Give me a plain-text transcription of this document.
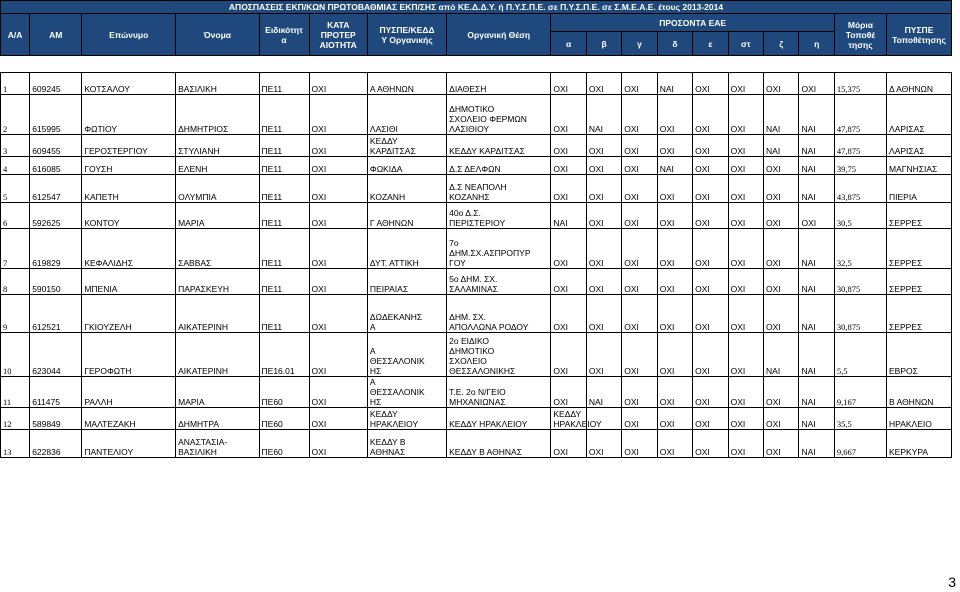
ΑΠΟΣΠΑΣΕΙΣ ΕΚΠ/ΚΩΝ ΠΡΩΤΟΒΑΘΜΙΑΣ ΕΚΠ/ΣΗΣ από ΚΕ.Δ.Δ.Υ. ή Π.Υ.Σ.Π.Ε. σε Π.Υ.Σ.Π.Ε. σε Σ.Μ.Ε.Α.Ε. έτους 2013-2014																	
Α/Α	ΑΜ	Επώνυμο	Όνομα	Ειδικότητ
α	ΚΑΤΑ
ΠΡΟΤΕΡ
ΑΙΟΤΗΤΑ	ΠΥΣΠΕ/ΚΕΔΔ
Υ Οργανικής	Οργανική Θέση	ΠΡΟΣΟΝΤΑ ΕΑΕ								Μόρια
Τοποθέ
τησης	ΠΥΣΠΕ
Τοποθέτησης
								α	β	γ	δ	ε	στ	ζ	η		

1	609245	ΚΟΤΣΑΛΟΥ	ΒΑΣΙΛΙΚΗ	ΠΕ11	ΟΧΙ	Α ΑΘΗΝΩΝ	ΔΙΑΘΕΣΗ	ΟΧΙ	ΟΧΙ	ΟΧΙ	ΝΑΙ	ΟΧΙ	ΟΧΙ	ΟΧΙ	ΟΧΙ	15,375	Δ ΑΘΗΝΩΝ
2	615995	ΦΩΤΙΟΥ	ΔΗΜΗΤΡΙΟΣ	ΠΕ11	ΟΧΙ	ΛΑΣΙΘΙ	ΔΗΜΟΤΙΚΟ
ΣΧΟΛΕΙΟ ΦΕΡΜΩΝ
ΛΑΣΙΘΙΟΥ	ΟΧΙ	ΝΑΙ	ΟΧΙ	ΟΧΙ	ΟΧΙ	ΟΧΙ	ΝΑΙ	ΝΑΙ	47,875	ΛΑΡΙΣΑΣ
3	609455	ΓΕΡΟΣΤΕΡΓΙΟΥ	ΣΤΥΛΙΑΝΗ	ΠΕ11	ΟΧΙ	ΚΕΔΔΥ
ΚΑΡΔΙΤΣΑΣ	ΚΕΔΔΥ ΚΑΡΔΙΤΣΑΣ	ΟΧΙ	ΟΧΙ	ΟΧΙ	ΟΧΙ	ΟΧΙ	ΟΧΙ	ΝΑΙ	ΝΑΙ	47,875	ΛΑΡΙΣΑΣ
4	616085	ΓΟΥΣΗ	ΕΛΕΝΗ	ΠΕ11	ΟΧΙ	ΦΩΚΙΔΑ	Δ.Σ ΔΕΛΦΩΝ	ΟΧΙ	ΟΧΙ	ΟΧΙ	ΝΑΙ	ΟΧΙ	ΟΧΙ	ΟΧΙ	ΝΑΙ	39,75	ΜΑΓΝΗΣΙΑΣ
5	612547	ΚΑΠΕΤΗ	ΟΛΥΜΠΙΑ	ΠΕ11	ΟΧΙ	ΚΟΖΑΝΗ	Δ.Σ ΝΕΑΠΟΛΗ
ΚΟΖΑΝΗΣ	ΟΧΙ	ΟΧΙ	ΟΧΙ	ΟΧΙ	ΟΧΙ	ΟΧΙ	ΟΧΙ	ΝΑΙ	43,875	ΠΙΕΡΙΑ
6	592625	ΚΟΝΤΟΥ	ΜΑΡΙΑ	ΠΕ11	ΟΧΙ	Γ ΑΘΗΝΩΝ	40ο Δ.Σ.
ΠΕΡΙΣΤΕΡΙΟΥ	ΝΑΙ	ΟΧΙ	ΟΧΙ	ΟΧΙ	ΟΧΙ	ΟΧΙ	ΟΧΙ	ΟΧΙ	30,5	ΣΕΡΡΕΣ
7	619829	ΚΕΦΑΛΙΔΗΣ	ΣΑΒΒΑΣ	ΠΕ11	ΟΧΙ	ΔΥΤ. ΑΤΤΙΚΗ	7ο
ΔΗΜ.ΣΧ.ΑΣΠΡΟΠΥΡ
ΓΟΥ	ΟΧΙ	ΟΧΙ	ΟΧΙ	ΟΧΙ	ΟΧΙ	ΟΧΙ	ΟΧΙ	ΝΑΙ	32,5	ΣΕΡΡΕΣ
8	590150	ΜΠΕΝΙΑ	ΠΑΡΑΣΚΕΥΗ	ΠΕ11	ΟΧΙ	ΠΕΙΡΑΙΑΣ	5ο ΔΗΜ. ΣΧ.
ΣΑΛΑΜΙΝΑΣ	ΟΧΙ	ΟΧΙ	ΟΧΙ	ΟΧΙ	ΟΧΙ	ΟΧΙ	ΟΧΙ	ΝΑΙ	30,875	ΣΕΡΡΕΣ
9	612521	ΓΚΙΟΥΖΕΛΗ	ΑΙΚΑΤΕΡΙΝΗ	ΠΕ11	ΟΧΙ	ΔΩΔΕΚΑΝΗΣ
Α	ΔΗΜ. ΣΧ.
ΑΠΟΛΛΩΝΑ ΡΟΔΟΥ	ΟΧΙ	ΟΧΙ	ΟΧΙ	ΟΧΙ	ΟΧΙ	ΟΧΙ	ΟΧΙ	ΝΑΙ	30,875	ΣΕΡΡΕΣ
10	623044	ΓΕΡΟΦΩΤΗ	ΑΙΚΑΤΕΡΙΝΗ	ΠΕ16.01	ΟΧΙ	Α
ΘΕΣΣΑΛΟΝΙΚ
ΗΣ	2ο ΕΙΔΙΚΟ
ΔΗΜΟΤΙΚΟ
ΣΧΟΛΕΙΟ
ΘΕΣΣΑΛΟΝΙΚΗΣ	ΟΧΙ	ΟΧΙ	ΟΧΙ	ΟΧΙ	ΟΧΙ	ΟΧΙ	ΝΑΙ	ΝΑΙ	5,5	ΕΒΡΟΣ
11	611475	ΡΑΛΛΗ	ΜΑΡΙΑ	ΠΕ60	ΟΧΙ	Α
ΘΕΣΣΑΛΟΝΙΚ
ΗΣ	Τ.Ε. 2ο Ν/ΓΕΙΟ
ΜΗΧΑΝΙΩΝΑΣ	ΟΧΙ	ΝΑΙ	ΟΧΙ	ΟΧΙ	ΟΧΙ	ΟΧΙ	ΟΧΙ	ΝΑΙ	9,167	Β ΑΘΗΝΩΝ
12	589849	ΜΑΛΤΕΖΑΚΗ	ΔΗΜΗΤΡΑ	ΠΕ60	ΟΧΙ	ΚΕΔΔΥ
ΗΡΑΚΛΕΙΟΥ	ΚΕΔΔΥ ΗΡΑΚΛΕΙΟΥ	ΚΕΔΔΥ ΗΡΑΚΛΕΙΟΥ		ΟΧΙ	ΟΧΙ	ΟΧΙ	ΟΧΙ	ΟΧΙ	ΝΑΙ	35,5	ΗΡΑΚΛΕΙΟ
13	622836	ΠΑΝΤΕΛΙΟΥ	ΑΝΑΣΤΑΣΙΑ-
ΒΑΣΙΛΙΚΗ	ΠΕ60	ΟΧΙ	ΚΕΔΔΥ Β
ΑΘΗΝΑΣ	ΚΕΔΔΥ Β ΑΘΗΝΑΣ	ΟΧΙ	ΟΧΙ	ΟΧΙ	ΟΧΙ	ΟΧΙ	ΟΧΙ	ΟΧΙ	ΝΑΙ	9,667	ΚΕΡΚΥΡΑ
3
